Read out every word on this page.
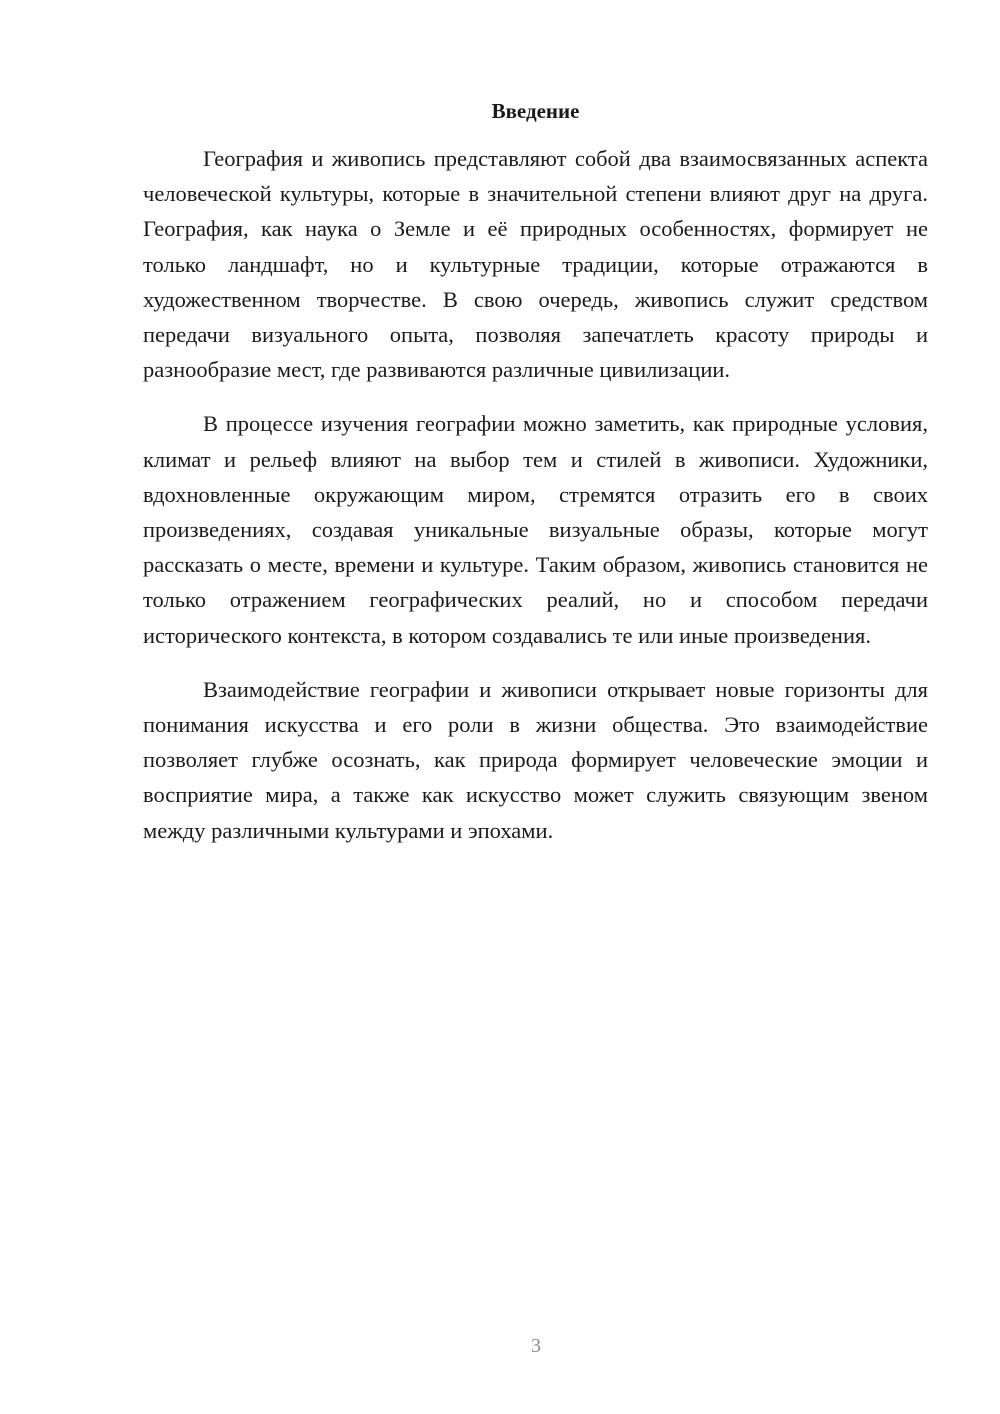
Введение

География и живопись представляют собой два взаимосвязанных аспекта человеческой культуры, которые в значительной степени влияют друг на друга. География, как наука о Земле и её природных особенностях, формирует не только ландшафт, но и культурные традиции, которые отражаются в художественном творчестве. В свою очередь, живопись служит средством передачи визуального опыта, позволяя запечатлеть красоту природы и разнообразие мест, где развиваются различные цивилизации.

В процессе изучения географии можно заметить, как природные условия, климат и рельеф влияют на выбор тем и стилей в живописи. Художники, вдохновленные окружающим миром, стремятся отразить его в своих произведениях, создавая уникальные визуальные образы, которые могут рассказать о месте, времени и культуре. Таким образом, живопись становится не только отражением географических реалий, но и способом передачи исторического контекста, в котором создавались те или иные произведения.

Взаимодействие географии и живописи открывает новые горизонты для понимания искусства и его роли в жизни общества. Это взаимодействие позволяет глубже осознать, как природа формирует человеческие эмоции и восприятие мира, а также как искусство может служить связующим звеном между различными культурами и эпохами.

3
